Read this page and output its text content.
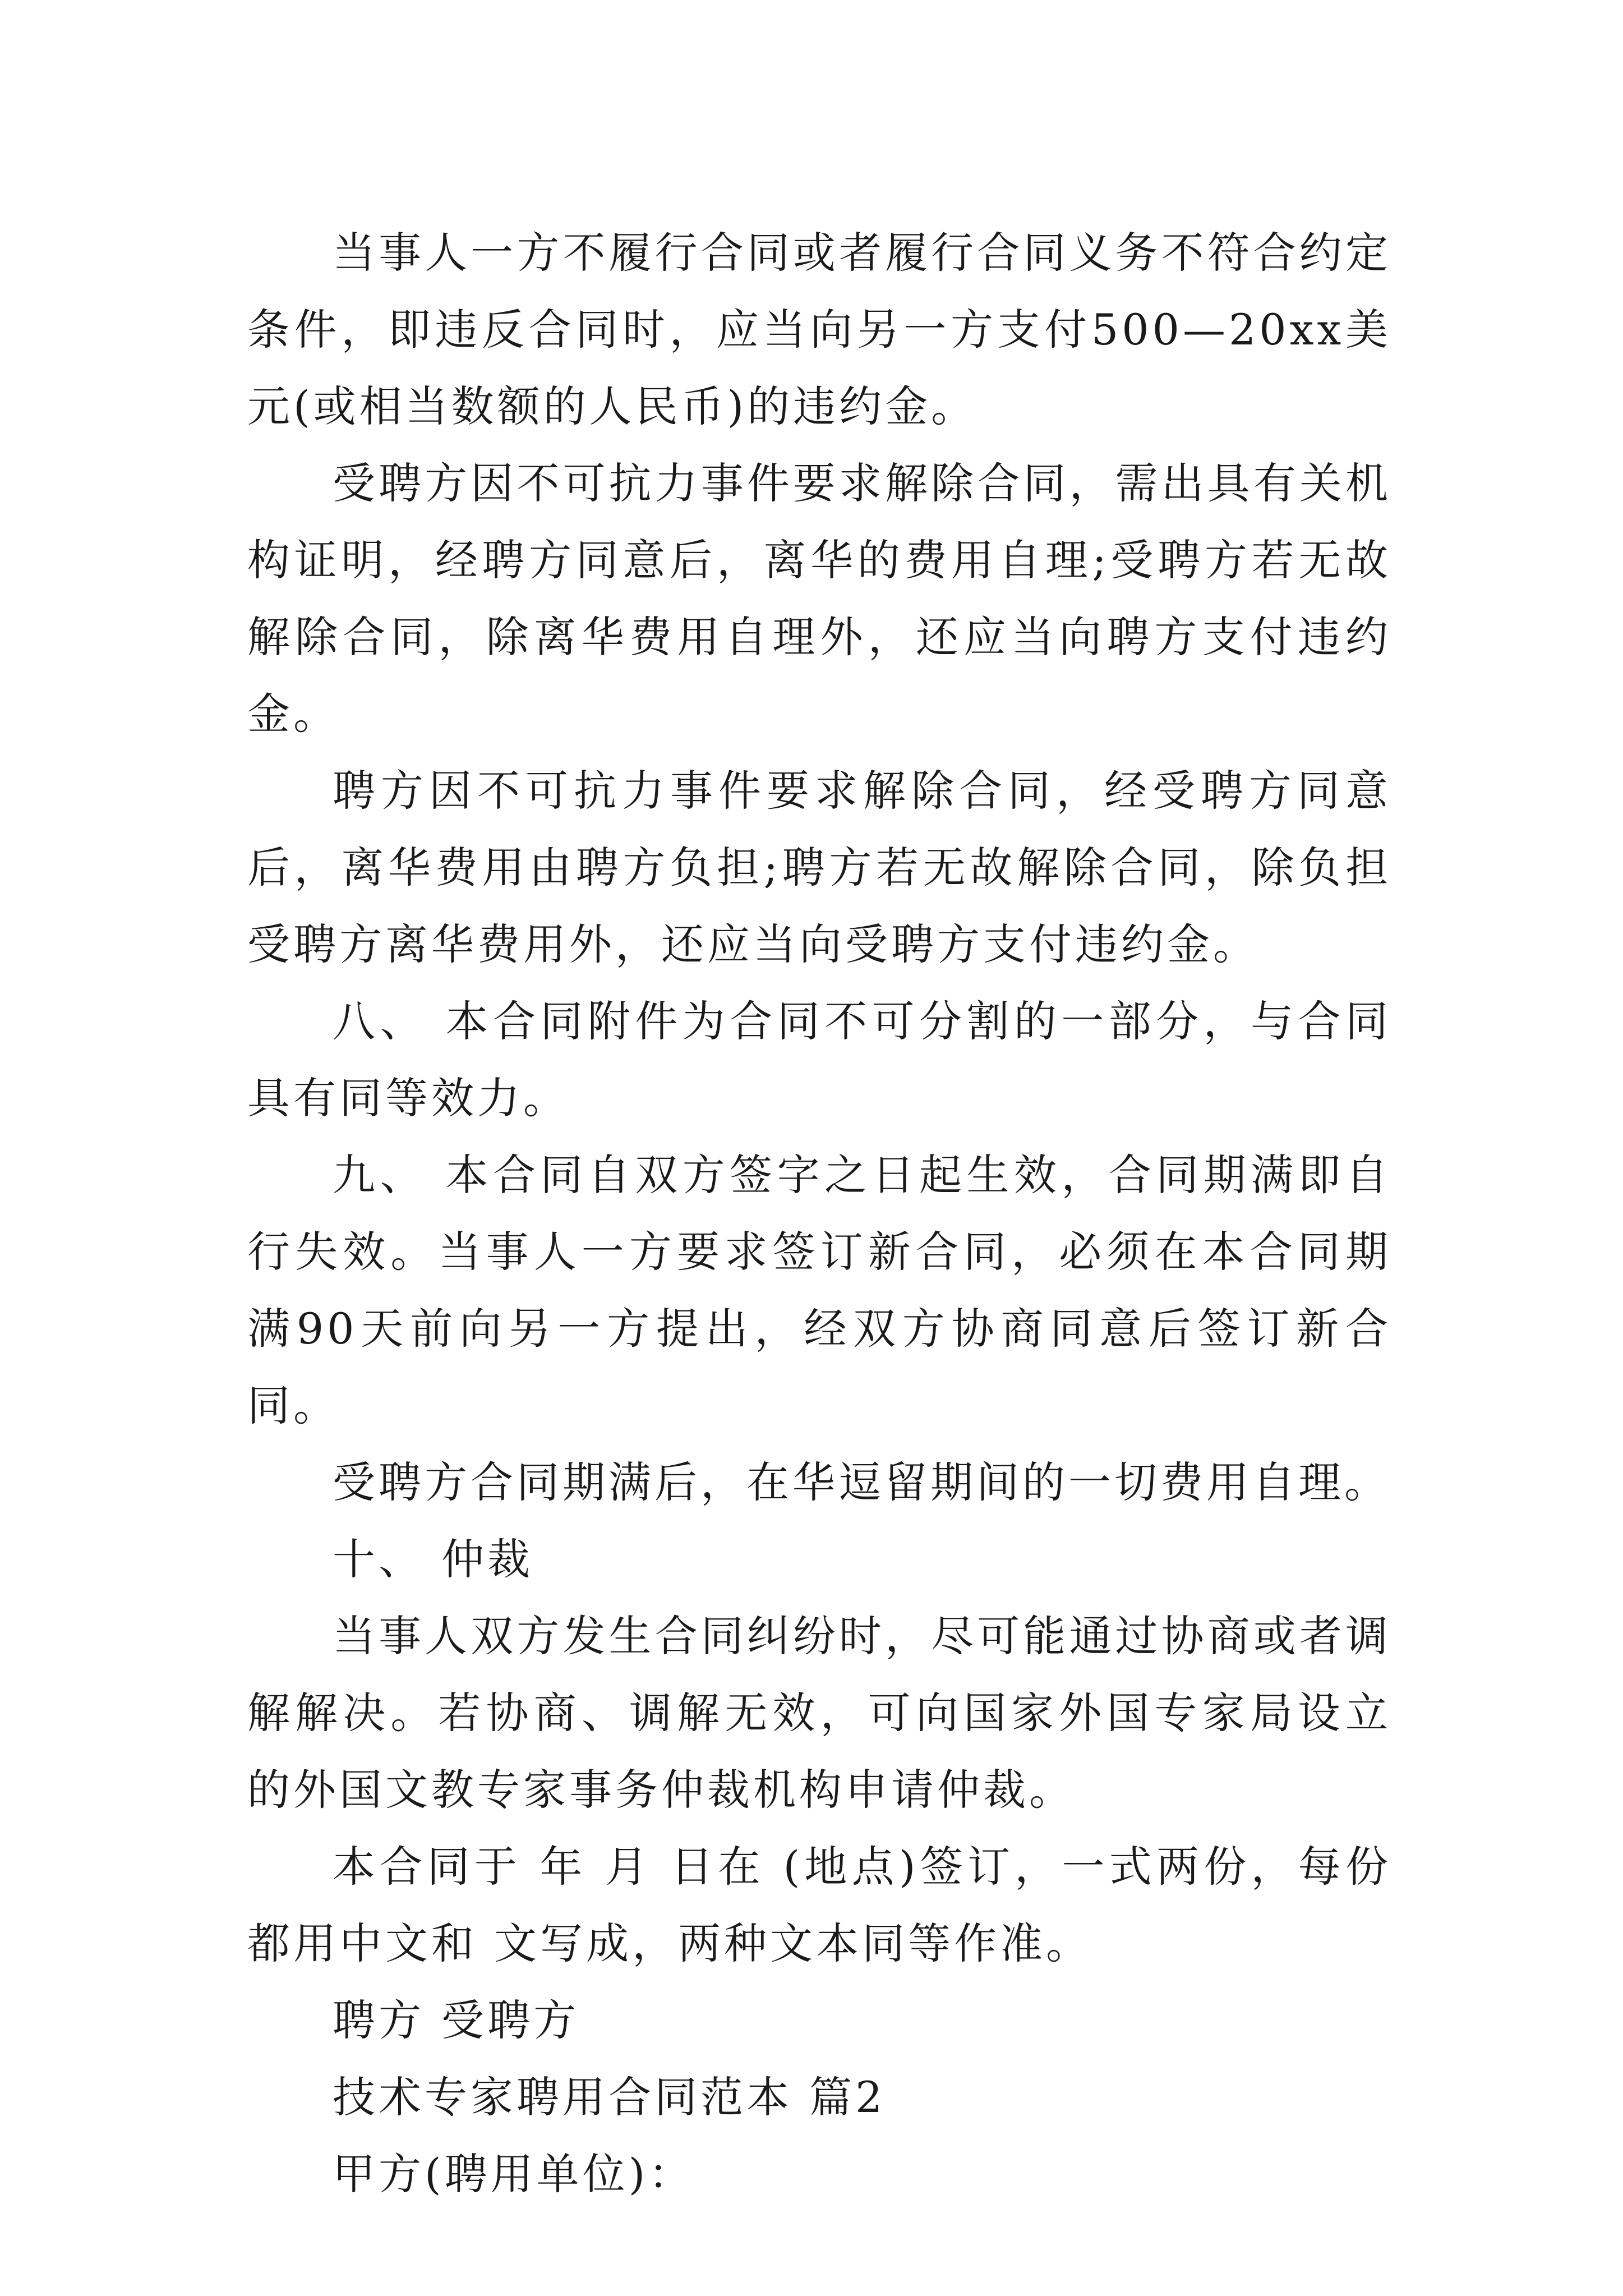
当事人一方不履行合同或者履行合同义务不符合约定条件，即违反合同时，应当向另一方支付500—20xx美元(或相当数额的人民币)的违约金。

受聘方因不可抗力事件要求解除合同，需出具有关机构证明，经聘方同意后，离华的费用自理;受聘方若无故解除合同，除离华费用自理外，还应当向聘方支付违约金。

聘方因不可抗力事件要求解除合同，经受聘方同意后，离华费用由聘方负担;聘方若无故解除合同，除负担受聘方离华费用外，还应当向受聘方支付违约金。

八、 本合同附件为合同不可分割的一部分，与合同具有同等效力。

九、 本合同自双方签字之日起生效，合同期满即自行失效。当事人一方要求签订新合同，必须在本合同期满90天前向另一方提出，经双方协商同意后签订新合同。

受聘方合同期满后，在华逗留期间的一切费用自理。

十、 仲裁

当事人双方发生合同纠纷时，尽可能通过协商或者调解解决。若协商、调解无效，可向国家外国专家局设立的外国文教专家事务仲裁机构申请仲裁。

本合同于 年 月 日在 (地点)签订，一式两份，每份都用中文和 文写成，两种文本同等作准。

聘方 受聘方

技术专家聘用合同范本 篇2

甲方(聘用单位)：
